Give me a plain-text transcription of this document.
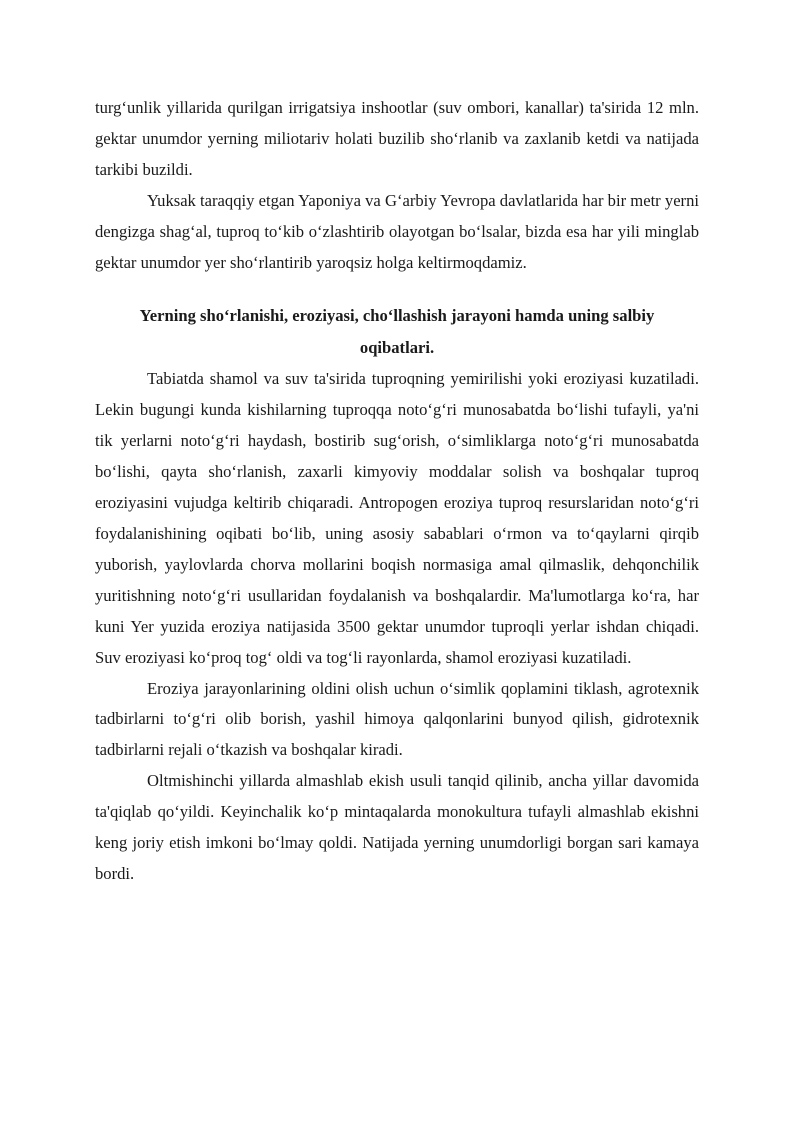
turg‘unlik yillarida qurilgan irrigatsiya inshootlar (suv ombori, kanallar) ta'sirida 12 mln. gektar unumdor yerning miliotariv holati buzilib sho‘rlanib va zaxlanib ketdi va natijada tarkibi buzildi.

Yuksak taraqqiy etgan Yaponiya va G‘arbiy Yevropa davlatlarida har bir metr yerni dengizga shag‘al, tuproq to‘kib o‘zlashtirib olayotgan bo‘lsalar, bizda esa har yili minglab gektar unumdor yer sho‘rlantirib yaroqsiz holga keltirmoqdamiz.

Yerning sho‘rlanishi, eroziyasi, cho‘llashish jarayoni hamda uning salbiy
oqibatlari.

Tabiatda shamol va suv ta'sirida tuproqning yemirilishi yoki eroziyasi kuzatiladi. Lekin bugungi kunda kishilarning tuproqqa noto‘g‘ri munosabatda bo‘lishi tufayli, ya'ni tik yerlarni noto‘g‘ri haydash, bostirib sug‘orish, o‘simliklarga noto‘g‘ri munosabatda bo‘lishi, qayta sho‘rlanish, zaxarli kimyoviy moddalar solish va boshqalar tuproq eroziyasini vujudga keltirib chiqaradi. Antropogen eroziya tuproq resurslaridan noto‘g‘ri foydalanishining oqibati bo‘lib, uning asosiy sabablari o‘rmon va to‘qaylarni qirqib yuborish, yaylovlarda chorva mollarini boqish normasiga amal qilmaslik, dehqonchilik yuritishning noto‘g‘ri usullaridan foydalanish va boshqalardir. Ma'lumotlarga ko‘ra, har kuni Yer yuzida eroziya natijasida 3500 gektar unumdor tuproqli yerlar ishdan chiqadi. Suv eroziyasi ko‘proq tog‘ oldi va tog‘li rayonlarda, shamol eroziyasi kuzatiladi.

Eroziya jarayonlarining oldini olish uchun o‘simlik qoplamini tiklash, agrotexnik tadbirlarni to‘g‘ri olib borish, yashil himoya qalqonlarini bunyod qilish, gidrotexnik tadbirlarni rejali o‘tkazish va boshqalar kiradi.

Oltmishinchi yillarda almashlab ekish usuli tanqid qilinib, ancha yillar davomida ta'qiqlab qo‘yildi. Keyinchalik ko‘p mintaqalarda monokultura tufayli almashlab ekishni keng joriy etish imkoni bo‘lmay qoldi. Natijada yerning unumdorligi borgan sari kamaya bordi.
